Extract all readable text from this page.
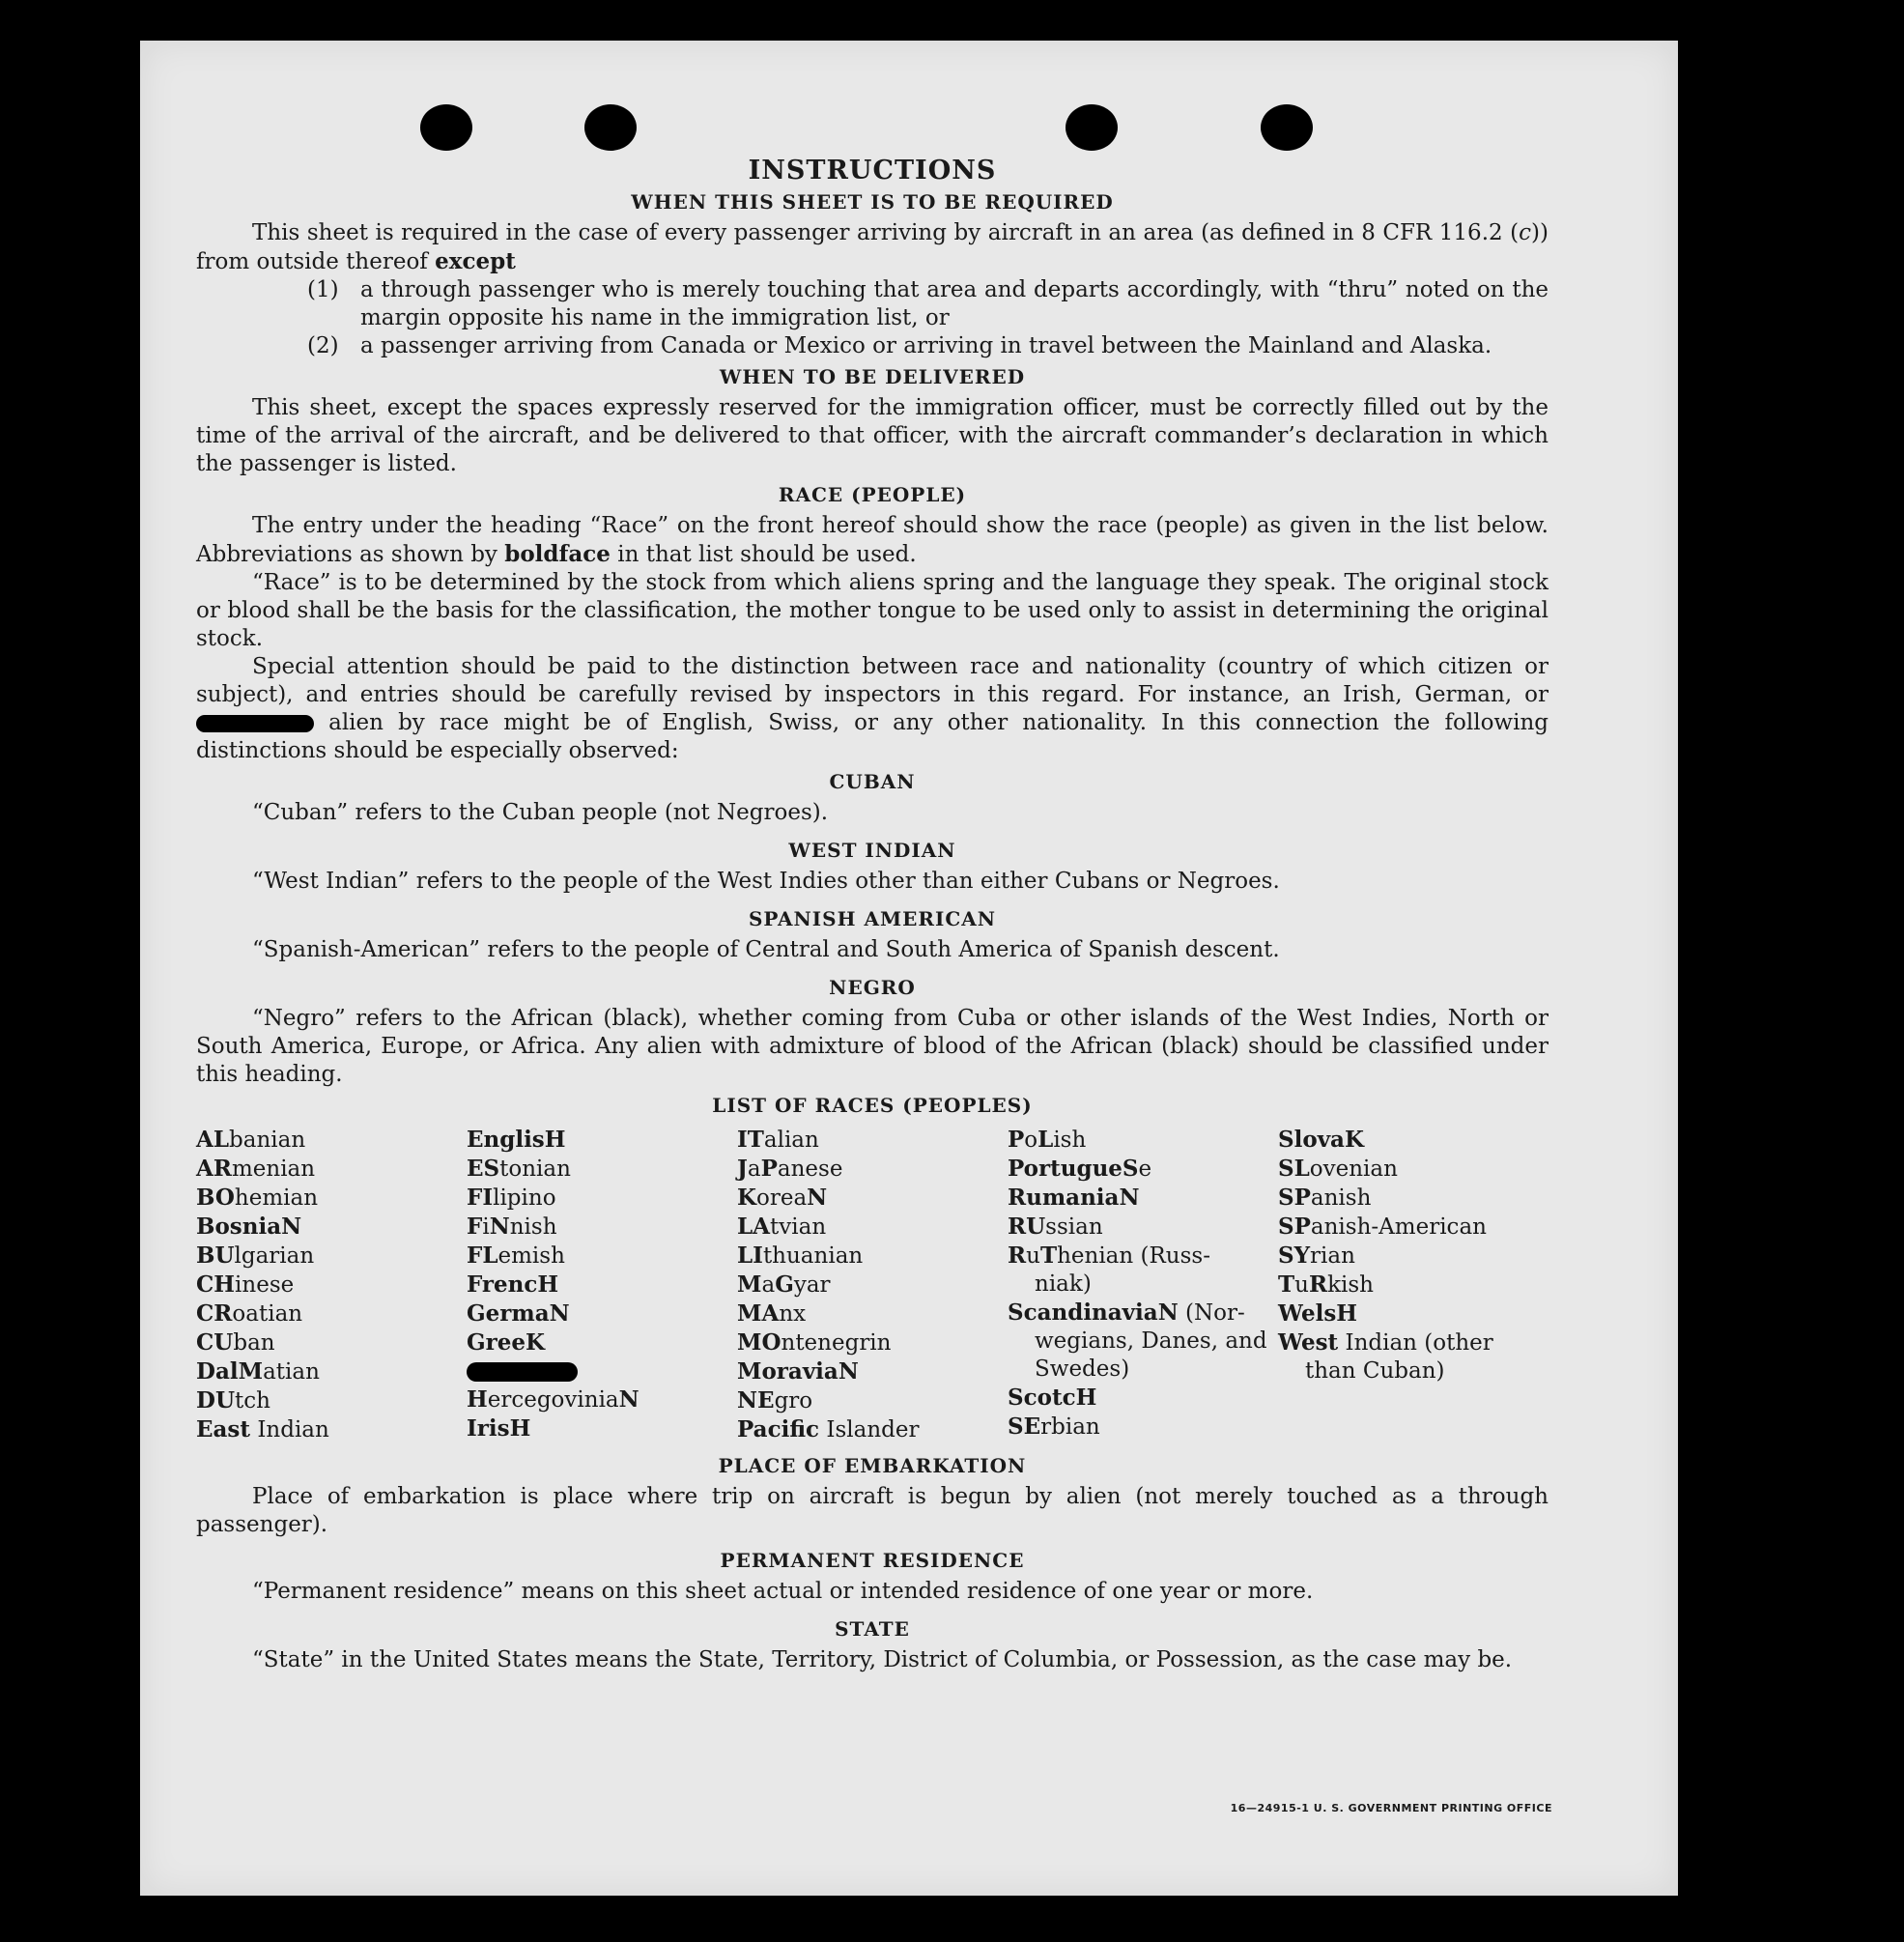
INSTRUCTIONS
WHEN THIS SHEET IS TO BE REQUIRED

This sheet is required in the case of every passenger arriving by aircraft in an area (as defined in 8 CFR 116.2 (c)) from outside thereof except

(1) a through passenger who is merely touching that area and departs accordingly, with “thru” noted on the margin opposite his name in the immigration list, or
(2) a passenger arriving from Canada or Mexico or arriving in travel between the Mainland and Alaska.
WHEN TO BE DELIVERED

This sheet, except the spaces expressly reserved for the immigration officer, must be correctly filled out by the time of the arrival of the aircraft, and be delivered to that officer, with the aircraft commander’s declaration in which the passenger is listed.

RACE (PEOPLE)

The entry under the heading “Race” on the front hereof should show the race (people) as given in the list below. Abbreviations as shown by boldface in that list should be used.

“Race” is to be determined by the stock from which aliens spring and the language they speak. The original stock or blood shall be the basis for the classification, the mother tongue to be used only to assist in determining the original stock.

Special attention should be paid to the distinction between race and nationality (country of which citizen or subject), and entries should be carefully revised by inspectors in this regard. For instance, an Irish, German, or  alien by race might be of English, Swiss, or any other nationality. In this connection the following distinctions should be especially observed:

CUBAN

“Cuban” refers to the Cuban people (not Negroes).

WEST INDIAN

“West Indian” refers to the people of the West Indies other than either Cubans or Negroes.

SPANISH AMERICAN

“Spanish-American” refers to the people of Central and South America of Spanish descent.

NEGRO

“Negro” refers to the African (black), whether coming from Cuba or other islands of the West Indies, North or South America, Europe, or Africa. Any alien with admixture of blood of the African (black) should be classified under this heading.

LIST OF RACES (PEOPLES)
ALbanian
ARmenian
BOhemian
BosniaN
BUlgarian
CHinese
CRoatian
CUban
DalMatian
DUtch
East Indian
EnglisH
EStonian
FIlipino
FiNnish
FLemish
FrencH
GermaN
GreeK
HercegoviniaN
IrisH
ITalian
JaPanese
KoreaN
LAtvian
LIthuanian
MaGyar
MAnx
MOntenegrin
MoraviaN
NEgro
Pacific Islander
PoLish
PortugueSe
RumaniaN
RUssian
RuThenian (Russ-
niak)
ScandinaviaN (Nor-
wegians, Danes, and Swedes)
ScotcH
SErbian
SlovaK
SLovenian
SPanish
SPanish-American
SYrian
TuRkish
WelsH
West Indian (other
than Cuban)
PLACE OF EMBARKATION

Place of embarkation is place where trip on aircraft is begun by alien (not merely touched as a through passenger).

PERMANENT RESIDENCE

“Permanent residence” means on this sheet actual or intended residence of one year or more.

STATE

“State” in the United States means the State, Territory, District of Columbia, or Possession, as the case may be.

16—24915-1 U. S. GOVERNMENT PRINTING OFFICE
